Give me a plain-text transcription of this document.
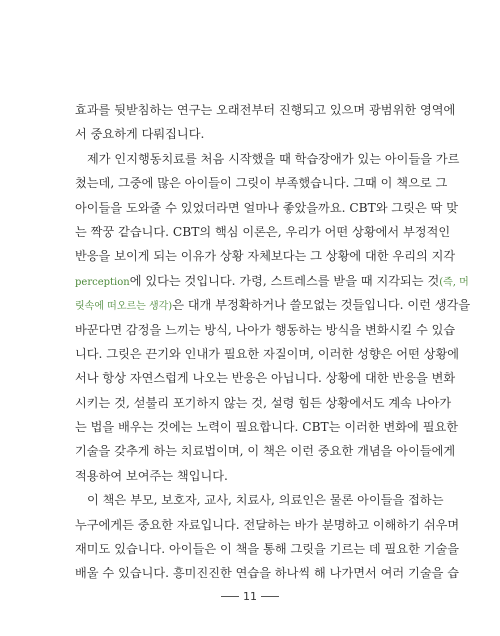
효과를 뒷받침하는 연구는 오래전부터 진행되고 있으며 광범위한 영역에
서 중요하게 다뤄집니다.
제가 인지행동치료를 처음 시작했을 때 학습장애가 있는 아이들을 가르
쳤는데, 그중에 많은 아이들이 그릿이 부족했습니다. 그때 이 책으로 그
아이들을 도와줄 수 있었더라면 얼마나 좋았을까요. CBT와 그릿은 딱 맞
는 짝꿍 같습니다. CBT의 핵심 이론은, 우리가 어떤 상황에서 부정적인
반응을 보이게 되는 이유가 상황 자체보다는 그 상황에 대한 우리의 지각
perception에 있다는 것입니다. 가령, 스트레스를 받을 때 지각되는 것(즉, 머
릿속에 떠오르는 생각)은 대개 부정확하거나 쓸모없는 것들입니다. 이런 생각을
바꾼다면 감정을 느끼는 방식, 나아가 행동하는 방식을 변화시킬 수 있습
니다. 그릿은 끈기와 인내가 필요한 자질이며, 이러한 성향은 어떤 상황에
서나 항상 자연스럽게 나오는 반응은 아닙니다. 상황에 대한 반응을 변화
시키는 것, 섣불리 포기하지 않는 것, 설령 힘든 상황에서도 계속 나아가
는 법을 배우는 것에는 노력이 필요합니다. CBT는 이러한 변화에 필요한
기술을 갖추게 하는 치료법이며, 이 책은 이런 중요한 개념을 아이들에게
적용하여 보여주는 책입니다.
이 책은 부모, 보호자, 교사, 치료사, 의료인은 물론 아이들을 접하는
누구에게든 중요한 자료입니다. 전달하는 바가 분명하고 이해하기 쉬우며
재미도 있습니다. 아이들은 이 책을 통해 그릿을 기르는 데 필요한 기술을
배울 수 있습니다. 흥미진진한 연습을 하나씩 해 나가면서 여러 기술을 습
11
